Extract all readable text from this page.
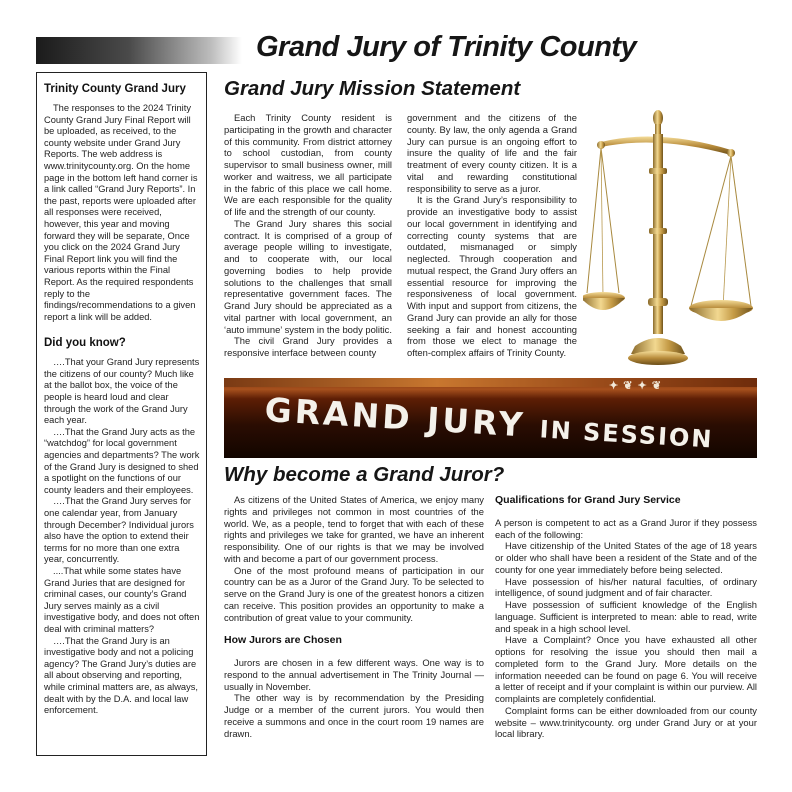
Grand Jury of Trinity County
Trinity County Grand Jury

The responses to the 2024 Trinity County Grand Jury Final Report will be uploaded, as received, to the county website under Grand Jury Reports. The web address is www.trinitycounty.org. On the home page in the bottom left hand corner is a link called “Grand Jury Reports”. In the past, reports were uploaded after all responses were received, however, this year and moving forward they will be separate, Once you click on the 2024 Grand Jury Final Report link you will find the various reports within the Final Report. As the required respondents reply to the findings/recommendations to a given report a link will be added.

Did you know?

….That your Grand Jury represents the citizens of our county? Much like at the ballot box, the voice of the people is heard loud and clear through the work of the Grand Jury each year.

….That the Grand Jury acts as the “watchdog” for local government agencies and departments? The work of the Grand Jury is designed to shed a spotlight on the functions of our county leaders and their employees.

….That the Grand Jury serves for one calendar year, from January through December? Individual jurors also have the option to extend their terms for no more than one extra year, concurrently.

....That while some states have Grand Juries that are designed for criminal cases, our county’s Grand Jury serves mainly as a civil investigative body, and does not often deal with criminal matters?

….That the Grand Jury is an investigative body and not a policing agency? The Grand Jury’s duties are all about observing and reporting, while criminal matters are, as always, dealt with by the D.A. and local law enforcement.

Grand Jury Mission Statement

Each Trinity County resident is participating in the growth and character of this community. From district attorney to school custodian, from county supervisor to small business owner, mill worker and waitress, we all participate in the fabric of this place we call home. We are each responsible for the quality of life and the strength of our county.

The Grand Jury shares this social contract. It is comprised of a group of average people willing to investigate, and to cooperate with, our local governing bodies to help provide solutions to the challenges that small representative government faces. The Grand Jury should be appreciated as a vital partner with local government, an ‘auto immune’ system in the body politic.

The civil Grand Jury provides a responsive interface between county

government and the citizens of the county. By law, the only agenda a Grand Jury can pursue is an ongoing effort to insure the quality of life and the fair treatment of every county citizen. It is a vital and rewarding constitutional responsibility to serve as a juror.

It is the Grand Jury’s responsibility to provide an investigative body to assist our local government in identifying and correcting county systems that are outdated, mismanaged or simply neglected. Through cooperation and mutual respect, the Grand Jury offers an essential resource for improving the responsiveness of local government. With input and support from citizens, the Grand Jury can provide an ally for those seeking a fair and honest accounting from those we elect to manage the often-complex affairs of Trinity County.

✦ ❦ ✦ ❦
GRAND JURY IN SESSION
Why become a Grand Juror?

As citizens of the United States of America, we enjoy many rights and privileges not common in most countries of the world. We, as a people, tend to forget that with each of these rights and privileges we take for granted, we have an inherent responsibility. One of our rights is that we may be involved with and become a part of our government process.

One of the most profound means of participation in our country can be as a Juror of the Grand Jury. To be selected to serve on the Grand Jury is one of the greatest honors a citizen can receive. This position provides an opportunity to make a contribution of great value to your community.

How Jurors are Chosen

Jurors are chosen in a few different ways. One way is to respond to the annual advertisement in The Trinity Journal — usually in November.

The other way is by recommendation by the Presiding Judge or a member of the current jurors. You would then receive a summons and once in the court room 19 names are drawn.

Qualifications for Grand Jury Service

A person is competent to act as a Grand Juror if they possess each of the following:

Have citizenship of the United States of the age of 18 years or older who shall have been a resident of the State and of the county for one year immediately before being selected.

Have possession of his/her natural faculties, of ordinary intelligence, of sound judgment and of fair character.

Have possession of sufficient knowledge of the English language. Sufficient is interpreted to mean: able to read, write and speak in a high school level.

Have a Complaint? Once you have exhausted all other options for resolving the issue you should then mail a completed form to the Grand Jury. More details on the information neeeded can be found on page 6. You will receive a letter of receipt and if your complaint is within our purview. All complaints are completely confidential.

Complaint forms can be either downloaded from our county website – www.trinitycounty. org under Grand Jury or at your local library.
